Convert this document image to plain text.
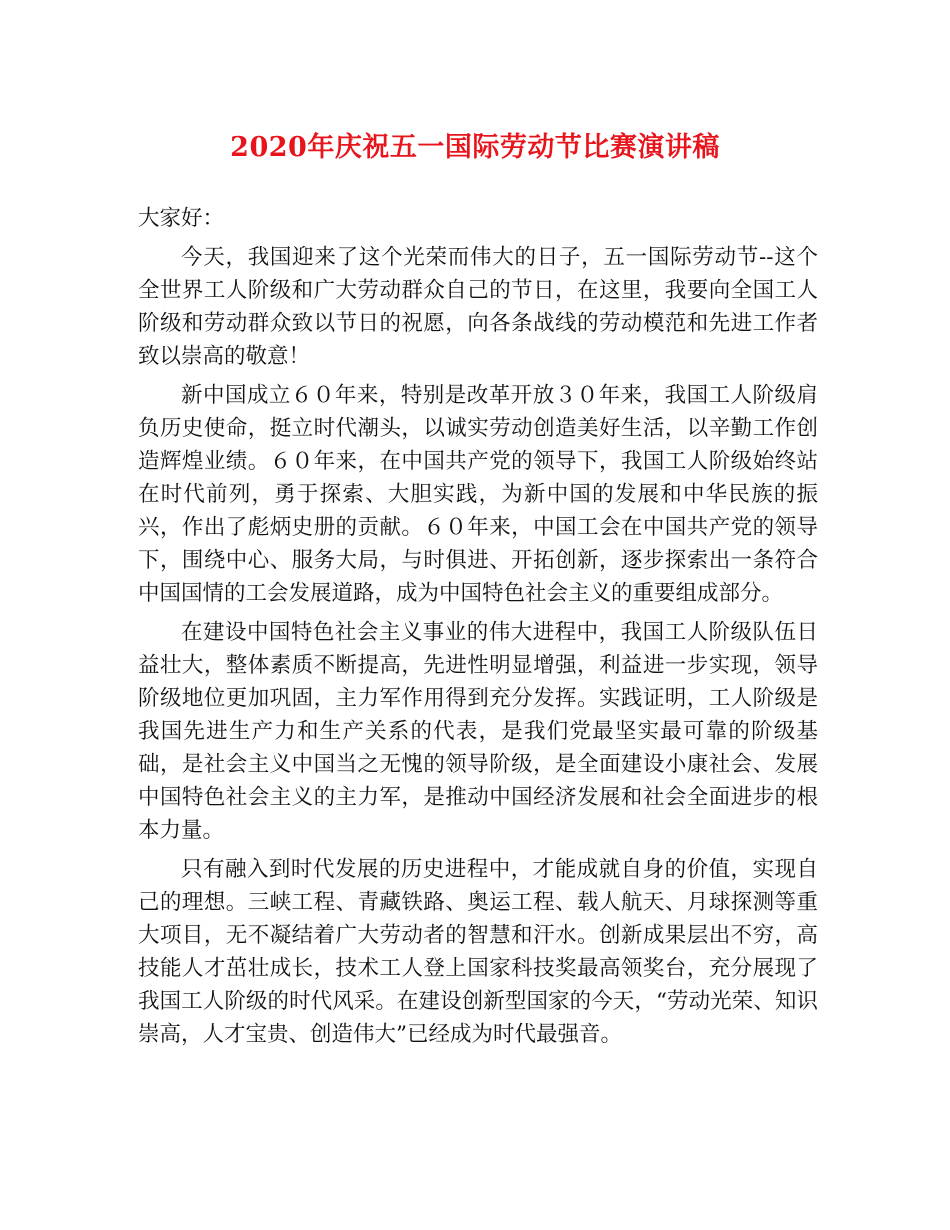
2020年庆祝五一国际劳动节比赛演讲稿

大家好：

今天，我国迎来了这个光荣而伟大的日子，五一国际劳动节--这个全世界工人阶级和广大劳动群众自己的节日，在这里，我要向全国工人阶级和劳动群众致以节日的祝愿，向各条战线的劳动模范和先进工作者致以崇高的敬意！

新中国成立６０年来，特别是改革开放３０年来，我国工人阶级肩负历史使命，挺立时代潮头，以诚实劳动创造美好生活，以辛勤工作创造辉煌业绩。６０年来，在中国共产党的领导下，我国工人阶级始终站在时代前列，勇于探索、大胆实践，为新中国的发展和中华民族的振兴，作出了彪炳史册的贡献。６０年来，中国工会在中国共产党的领导下，围绕中心、服务大局，与时俱进、开拓创新，逐步探索出一条符合中国国情的工会发展道路，成为中国特色社会主义的重要组成部分。

在建设中国特色社会主义事业的伟大进程中，我国工人阶级队伍日益壮大，整体素质不断提高，先进性明显增强，利益进一步实现，领导阶级地位更加巩固，主力军作用得到充分发挥。实践证明，工人阶级是我国先进生产力和生产关系的代表，是我们党最坚实最可靠的阶级基础，是社会主义中国当之无愧的领导阶级，是全面建设小康社会、发展中国特色社会主义的主力军，是推动中国经济发展和社会全面进步的根本力量。

只有融入到时代发展的历史进程中，才能成就自身的价值，实现自己的理想。三峡工程、青藏铁路、奥运工程、载人航天、月球探测等重大项目，无不凝结着广大劳动者的智慧和汗水。创新成果层出不穷，高技能人才茁壮成长，技术工人登上国家科技奖最高领奖台，充分展现了我国工人阶级的时代风采。在建设创新型国家的今天，“劳动光荣、知识崇高，人才宝贵、创造伟大”已经成为时代最强音。
